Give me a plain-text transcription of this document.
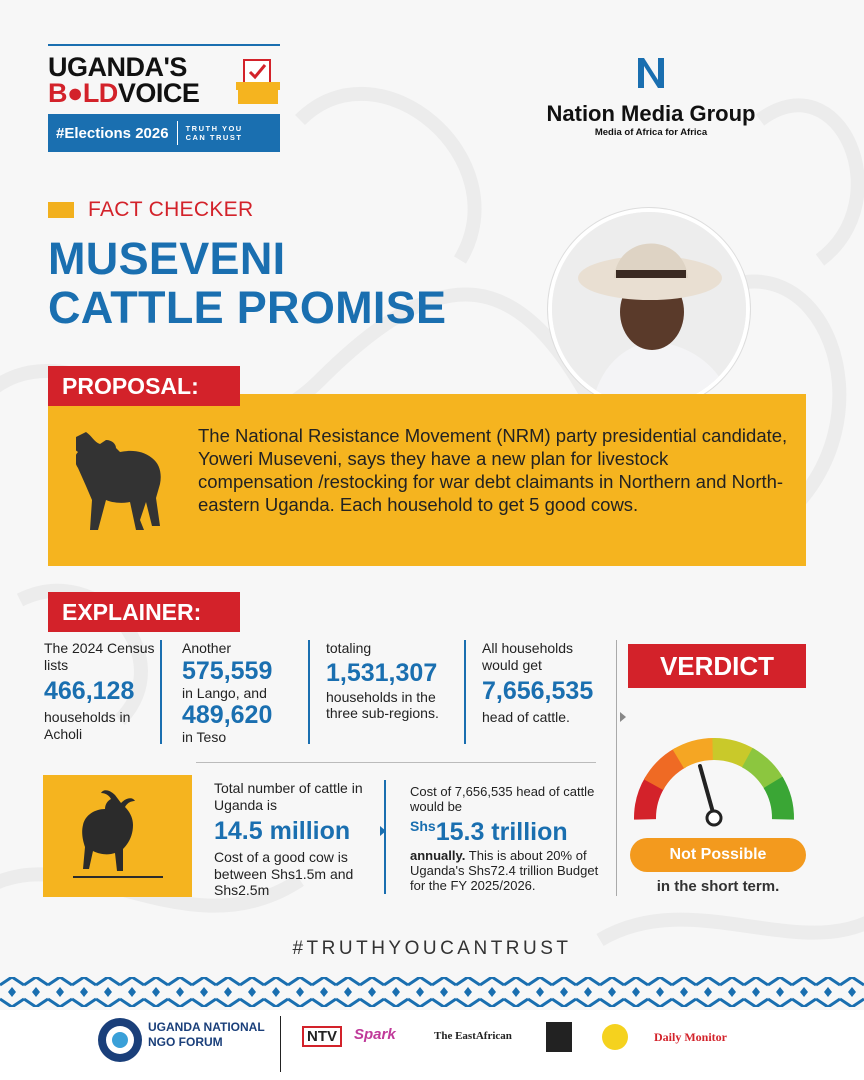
UGANDA'S
B●LDVOICE
#Elections 2026 TRUTH YOU
CAN TRUST
Nation Media Group
Media of Africa for Africa
FACT CHECKER
MUSEVENI
CATTLE PROMISE
The National Resistance Movement (NRM) party presidential candidate, Yoweri Museveni, says they have a new plan for livestock compensation /restocking for war debt claimants in Northern and North-eastern Uganda. Each household to get 5 good cows.
PROPOSAL:
EXPLAINER:
The 2024 Census lists
466,128
households in Acholi
Another
575,559
in Lango, and
489,620
in Teso
totaling
1,531,307
households in the three sub-regions.
All households would get
7,656,535
head of cattle.
Total number of cattle in Uganda is
14.5 million
Cost of a good cow is between Shs1.5m and Shs2.5m
Cost of 7,656,535 head of cattle would be
Shs15.3 trillion
annually. This is about 20% of Uganda's Shs72.4 trillion Budget for the FY 2025/2026.
VERDICT
Not Possible
in the short term.
#TRUTHYOUCANTRUST
UGANDA NATIONAL
NGO FORUM	NTV	Spark	The EastAfrican	Daily Monitor
